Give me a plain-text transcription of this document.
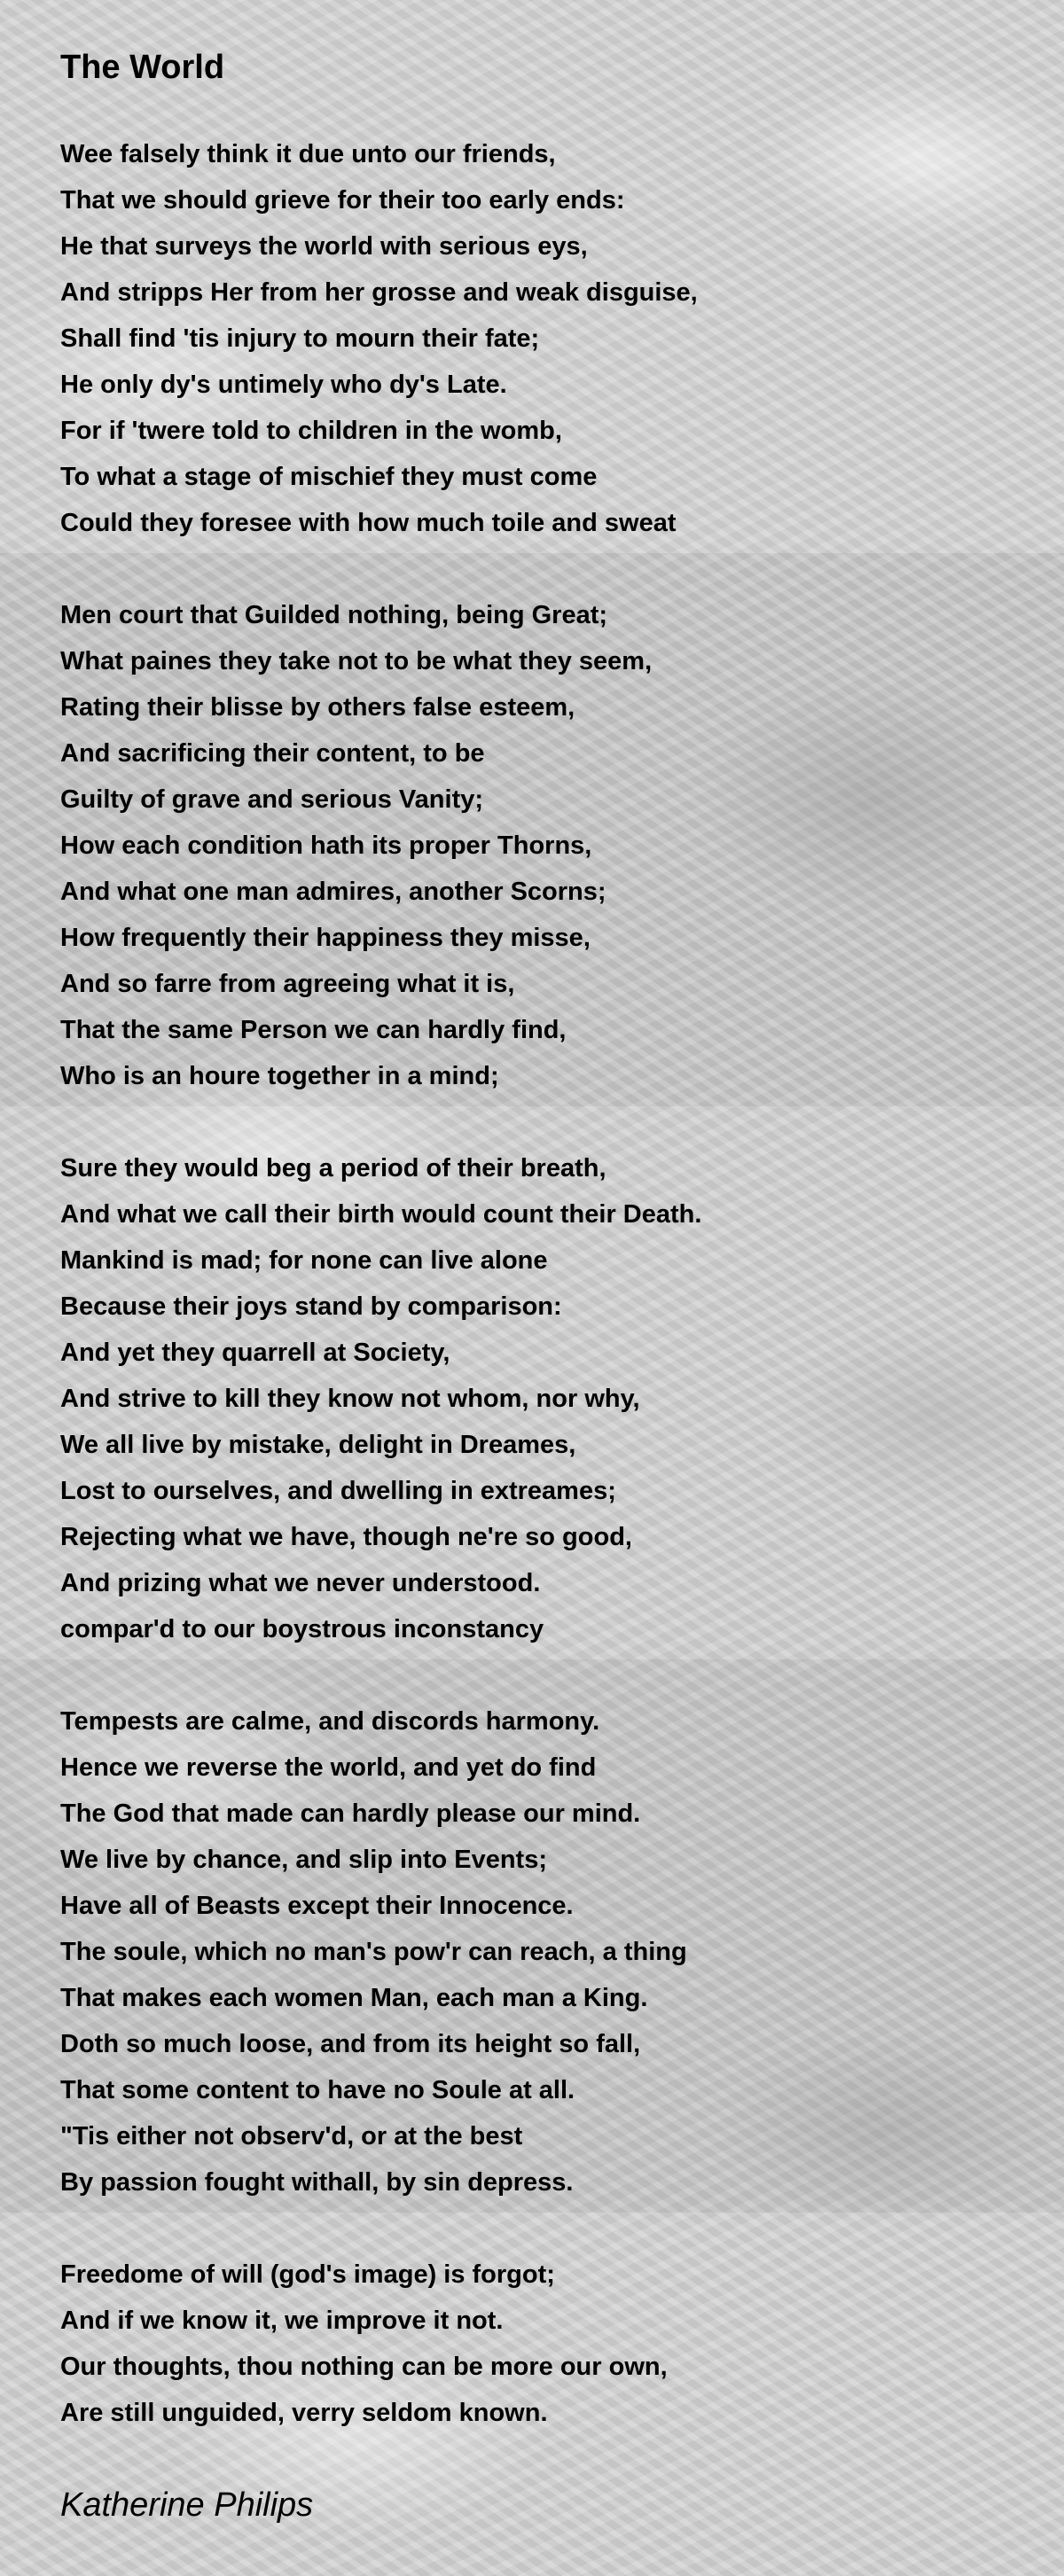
The World
Wee falsely think it due unto our friends,
That we should grieve for their too early ends:
He that surveys the world with serious eys,
And stripps Her from her grosse and weak disguise,
Shall find 'tis injury to mourn their fate;
He only dy's untimely who dy's Late.
For if 'twere told to children in the womb,
To what a stage of mischief they must come
Could they foresee with how much toile and sweat
Men court that Guilded nothing, being Great;
What paines they take not to be what they seem,
Rating their blisse by others false esteem,
And sacrificing their content, to be
Guilty of grave and serious Vanity;
How each condition hath its proper Thorns,
And what one man admires, another Scorns;
How frequently their happiness they misse,
And so farre from agreeing what it is,
That the same Person we can hardly find,
Who is an houre together in a mind;
Sure they would beg a period of their breath,
And what we call their birth would count their Death.
Mankind is mad; for none can live alone
Because their joys stand by comparison:
And yet they quarrell at Society,
And strive to kill they know not whom, nor why,
We all live by mistake, delight in Dreames,
Lost to ourselves, and dwelling in extreames;
Rejecting what we have, though ne're so good,
And prizing what we never understood.
compar'd to our boystrous inconstancy
Tempests are calme, and discords harmony.
Hence we reverse the world, and yet do find
The God that made can hardly please our mind.
We live by chance, and slip into Events;
Have all of Beasts except their Innocence.
The soule, which no man's pow'r can reach, a thing
That makes each women Man, each man a King.
Doth so much loose, and from its height so fall,
That some content to have no Soule at all.
"Tis either not observ'd, or at the best
By passion fought withall, by sin depress.
Freedome of will (god's image) is forgot;
And if we know it, we improve it not.
Our thoughts, thou nothing can be more our own,
Are still unguided, verry seldom known.
Katherine Philips
